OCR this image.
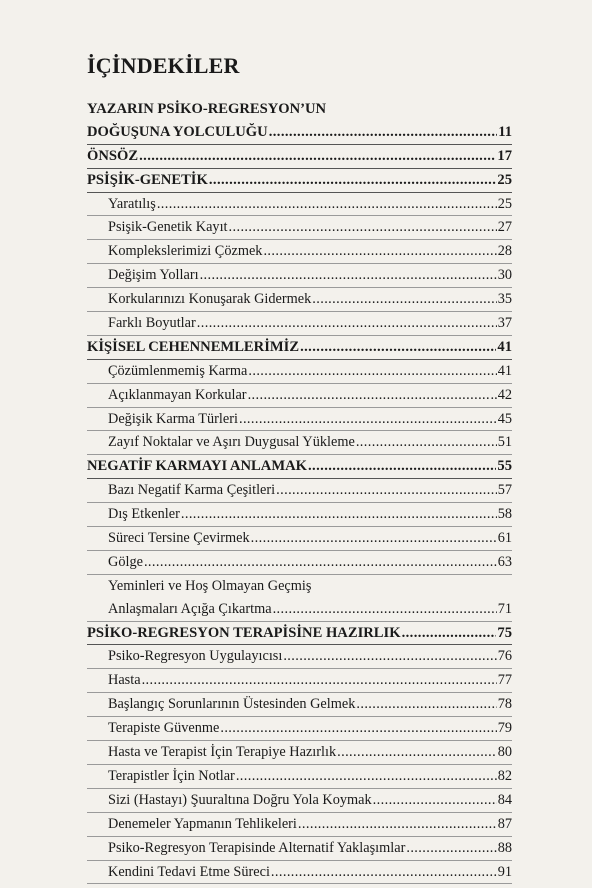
İÇİNDEKİLER
YAZARIN PSİKO-REGRESYON’UN
DOĞUŞUNA YOLCULUĞU .....	11
ÖNSÖZ .....	17
PSİŞİK-GENETİK .....	25
Yaratılış .....	25
Psişik-Genetik Kayıt .....	27
Komplekslerimizi Çözmek .....	28
Değişim Yolları .....	30
Korkularınızı Konuşarak Gidermek .....	35
Farklı Boyutlar .....	37
KİŞİSEL CEHENNEMLERİMİZ .....	41
Çözümlenmemiş Karma .....	41
Açıklanmayan Korkular .....	..42
Değişik Karma Türleri .....	45
Zayıf Noktalar ve Aşırı Duygusal Yükleme .....	51
NEGATİF KARMAYI ANLAMAK .....	55
Bazı Negatif Karma Çeşitleri .....	57
Dış Etkenler .....	58
Süreci Tersine Çevirmek .....	61
Gölge .....	63
Yeminleri ve Hoş Olmayan Geçmiş
Anlaşmaları Açığa Çıkartma .....	71
PSİKO-REGRESYON TERAPİSİNE HAZIRLIK .....	75
Psiko-Regresyon Uygulayıcısı .....	76
Hasta .....	77
Başlangıç Sorunlarının Üstesinden Gelmek .....	78
Terapiste Güvenme .....	79
Hasta ve Terapist İçin Terapiye Hazırlık .....	80
Terapistler İçin Notlar .....	82
Sizi (Hastayı) Şuuraltına Doğru Yola Koymak .....	84
Denemeler Yapmanın Tehlikeleri .....	87
Psiko-Regresyon Terapisinde Alternatif Yaklaşımlar .....	88
Kendini Tedavi Etme Süreci .....	91
